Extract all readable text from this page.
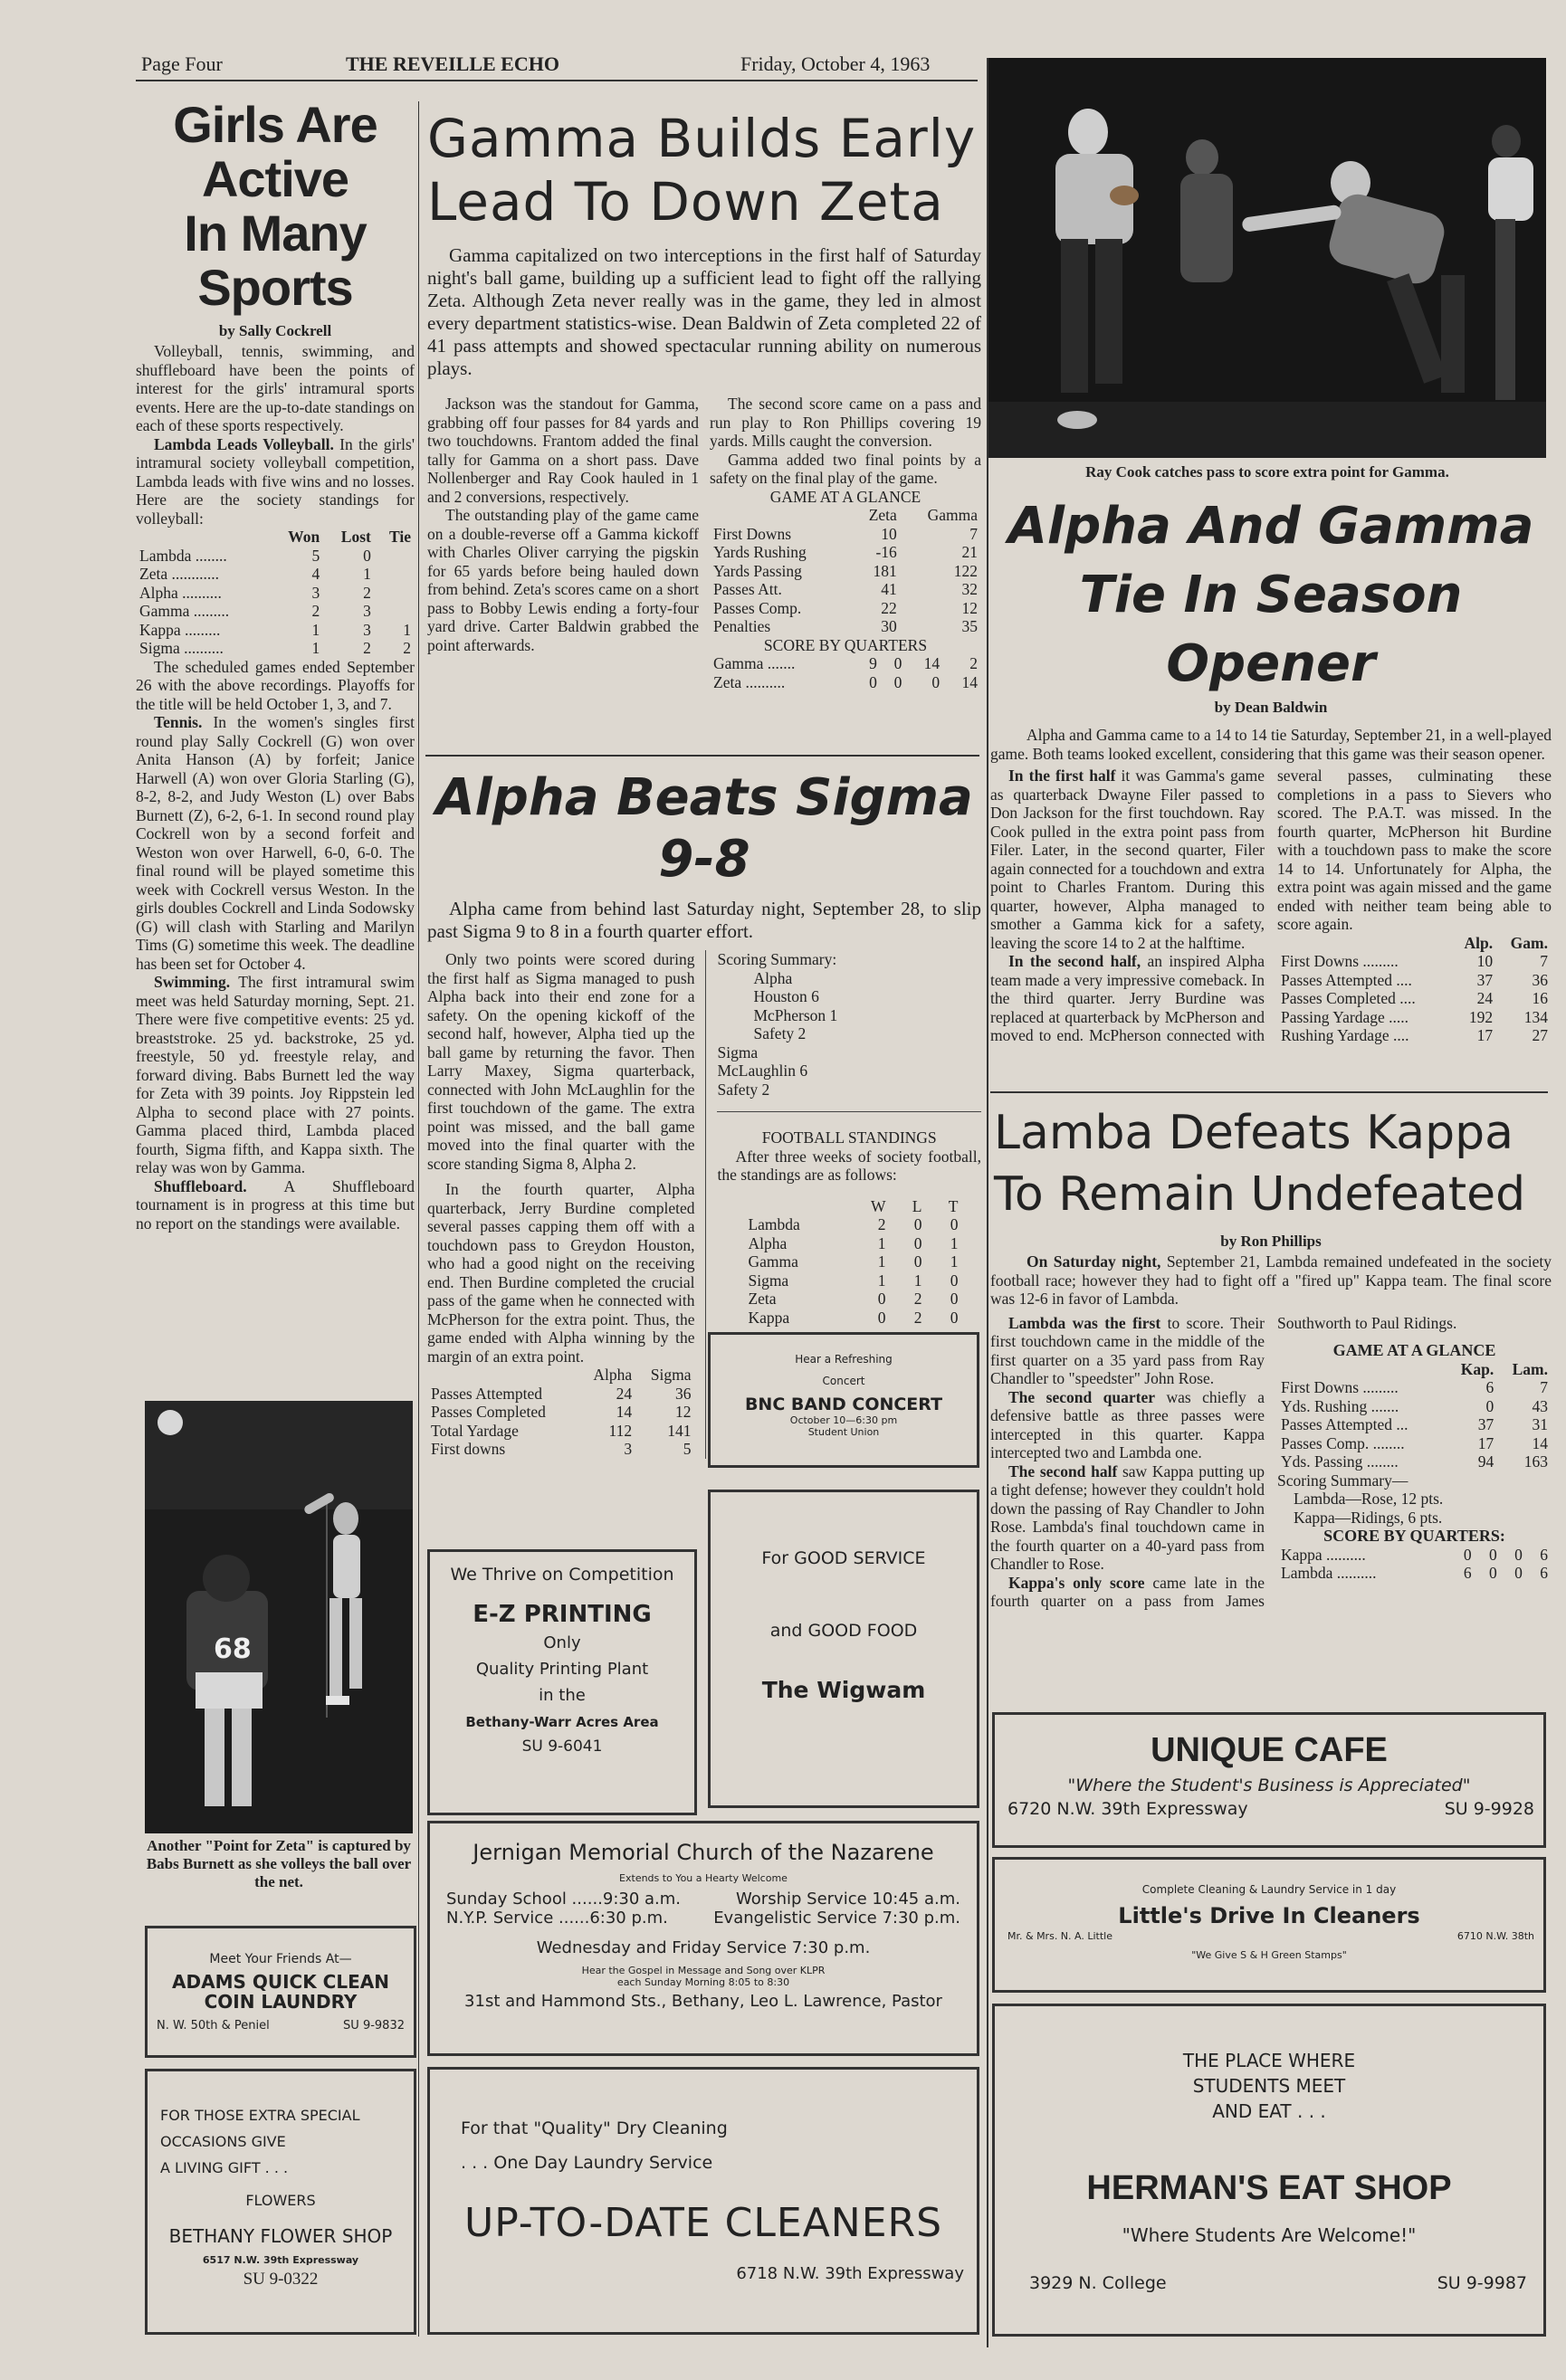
Page Four	THE REVEILLE ECHO	Friday, October 4, 1963
Girls Are Active
In Many Sports
by Sally Cockrell

Volleyball, tennis, swimming, and shuffleboard have been the points of interest for the girls' intramural sports events. Here are the up-to-date standings on each of these sports respectively.

Lambda Leads Volleyball. In the girls' intramural society volleyball competition, Lambda leads with five wins and no losses. Here are the society standings for volleyball:

	Won	Lost	Tie
Lambda ........	5	0	
Zeta ............	4	1	
Alpha ..........	3	2	
Gamma .........	2	3	
Kappa .........	1	3	1
Sigma ..........	1	2	2

The scheduled games ended September 26 with the above recordings. Playoffs for the title will be held October 1, 3, and 7.

Tennis. In the women's singles first round play Sally Cockrell (G) won over Anita Hanson (A) by forfeit; Janice Harwell (A) won over Gloria Starling (G), 8-2, 8-2, and Judy Weston (L) over Babs Burnett (Z), 6-2, 6-1. In second round play Cockrell won by a second forfeit and Weston won over Harwell, 6-0, 6-0. The final round will be played sometime this week with Cockrell versus Weston. In the girls doubles Cockrell and Linda Sodowsky (G) will clash with Starling and Marilyn Tims (G) sometime this week. The deadline has been set for October 4.

Swimming. The first intramural swim meet was held Saturday morning, Sept. 21. There were five competitive events: 25 yd. breaststroke. 25 yd. backstroke, 25 yd. freestyle, 50 yd. freestyle relay, and forward diving. Babs Burnett led the way for Zeta with 39 points. Joy Rippstein led Alpha to second place with 27 points. Gamma placed third, Lambda placed fourth, Sigma fifth, and Kappa sixth. The relay was won by Gamma.

Shuffleboard. A Shuffleboard tournament is in progress at this time but no report on the standings were available.

68
Another "Point for Zeta" is captured by Babs Burnett as she volleys the ball over the net.
Meet Your Friends At—
ADAMS QUICK CLEAN
COIN LAUNDRY
N. W. 50th & Peniel	SU 9-9832
FOR THOSE EXTRA SPECIAL
OCCASIONS GIVE
A LIVING GIFT . . .
FLOWERS
BETHANY FLOWER SHOP
6517 N.W. 39th Expressway
SU 9-0322
Gamma Builds Early
Lead To Down Zeta

Gamma capitalized on two interceptions in the first half of Saturday night's ball game, building up a sufficient lead to fight off the rallying Zeta. Although Zeta never really was in the game, they led in almost every department statistics-wise. Dean Baldwin of Zeta completed 22 of 41 pass attempts and showed spectacular running ability on numerous plays.

Jackson was the standout for Gamma, grabbing off four passes for 84 yards and two touchdowns. Frantom added the final tally for Gamma on a short pass. Dave Nollenberger and Ray Cook hauled in 1 and 2 conversions, respectively.

The outstanding play of the game came on a double-reverse off a Gamma kickoff with Charles Oliver carrying the pigskin for 65 yards before being hauled down from behind. Zeta's scores came on a short pass to Bobby Lewis ending a forty-four yard drive. Carter Baldwin grabbed the point afterwards.

The second score came on a pass and run play to Ron Phillips covering 19 yards. Mills caught the conversion.

Gamma added two final points by a safety on the final play of the game.

GAME AT A GLANCE
	Zeta	Gamma
First Downs	10	7
Yards Rushing	-16	21
Yards Passing	181	122
Passes Att.	41	32
Passes Comp.	22	12
Penalties	30	35
SCORE BY QUARTERS
Gamma .......	9	0	14	2
Zeta ..........	0	0	0	14
Alpha Beats Sigma 9-8

Alpha came from behind last Saturday night, September 28, to slip past Sigma 9 to 8 in a fourth quarter effort.

Only two points were scored during the first half as Sigma managed to push Alpha back into their end zone for a safety. On the opening kickoff of the second half, however, Alpha tied up the ball game by returning the favor. Then Larry Maxey, Sigma quarterback, connected with John McLaughlin for the first touchdown of the game. The extra point was missed, and the ball game moved into the final quarter with the score standing Sigma 8, Alpha 2.

In the fourth quarter, Alpha quarterback, Jerry Burdine completed several passes capping them off with a touchdown pass to Greydon Houston, who had a good night on the receiving end. Then Burdine completed the crucial pass of the game when he connected with McPherson for the extra point. Thus, the game ended with Alpha winning by the margin of an extra point.

	Alpha	Sigma
Passes Attempted	24	36
Passes Completed	14	12
Total Yardage	112	141
First downs	3	5
Scoring Summary:
Alpha
Houston 6
McPherson 1
Safety 2
Sigma
McLaughlin 6
Safety 2
FOOTBALL STANDINGS

After three weeks of society football, the standings are as follows:

	W	L	T
Lambda	2	0	0
Alpha	1	0	1
Gamma	1	0	1
Sigma	1	1	0
Zeta	0	2	0
Kappa	0	2	0
Hear a Refreshing
Concert
BNC BAND CONCERT
October 10—6:30 pm
Student Union
We Thrive on Competition
E-Z PRINTING
Only
Quality Printing Plant
in the
Bethany-Warr Acres Area
SU 9-6041
For GOOD SERVICE
and GOOD FOOD
The Wigwam
Jernigan Memorial Church of the Nazarene
Extends to You a Hearty Welcome
Sunday School ......9:30 a.m.	Worship Service 10:45 a.m.
N.Y.P. Service ......6:30 p.m.	Evangelistic Service 7:30 p.m.
Wednesday and Friday Service 7:30 p.m.
Hear the Gospel in Message and Song over KLPR
each Sunday Morning 8:05 to 8:30
31st and Hammond Sts., Bethany, Leo L. Lawrence, Pastor
For that "Quality" Dry Cleaning
. . . One Day Laundry Service
UP-TO-DATE CLEANERS
6718 N.W. 39th Expressway
Ray Cook catches pass to score extra point for Gamma.
Alpha And Gamma
Tie In Season Opener
by Dean Baldwin

Alpha and Gamma came to a 14 to 14 tie Saturday, September 21, in a well-played game. Both teams looked excellent, considering that this game was their season opener.

In the first half it was Gamma's game as quarterback Dwayne Filer passed to Don Jackson for the first touchdown. Ray Cook pulled in the extra point pass from Filer. Later, in the second quarter, Filer again connected for a touchdown and extra point to Charles Frantom. During this quarter, however, Alpha managed to smother a Gamma kick for a safety, leaving the score 14 to 2 at the halftime.

In the second half, an inspired Alpha team made a very impressive comeback. In the third quarter. Jerry Burdine was replaced at quarterback by McPherson and moved to end. McPherson connected with several passes, culminating these completions in a pass to Sievers who scored. The P.A.T. was missed. In the fourth quarter, McPherson hit Burdine with a touchdown pass to make the score 14 to 14. Unfortunately for Alpha, the extra point was again missed and the game ended with neither team being able to score again.

	Alp.	Gam.
First Downs .........	10	7
Passes Attempted ....	37	36
Passes Completed ....	24	16
Passing Yardage .....	192	134
Rushing Yardage ....	17	27
Lamba Defeats Kappa
To Remain Undefeated
by Ron Phillips

On Saturday night, September 21, Lambda remained undefeated in the society football race; however they had to fight off a "fired up" Kappa team. The final score was 12-6 in favor of Lambda.

Lambda was the first to score. Their first touchdown came in the middle of the first quarter on a 35 yard pass from Ray Chandler to "speedster" John Rose.

The second quarter was chiefly a defensive battle as three passes were intercepted in this quarter. Kappa intercepted two and Lambda one.

The second half saw Kappa putting up a tight defense; however they couldn't hold down the passing of Ray Chandler to John Rose. Lambda's final touchdown came in the fourth quarter on a 40-yard pass from Chandler to Rose.

Kappa's only score came late in the fourth quarter on a pass from James Southworth to Paul Ridings.

GAME AT A GLANCE
	Kap.	Lam.
First Downs .........	6	7
Yds. Rushing .......	0	43
Passes Attempted ...	37	31
Passes Comp. ........	17	14
Yds. Passing ........	94	163
Scoring Summary—
Lambda—Rose, 12 pts.
Kappa—Ridings, 6 pts.
SCORE BY QUARTERS:
Kappa ..........	0	0	0	6
Lambda ..........	6	0	0	6
UNIQUE CAFE
"Where the Student's Business is Appreciated"
6720 N.W. 39th Expressway	SU 9-9928
Complete Cleaning & Laundry Service in 1 day
Little's Drive In Cleaners
Mr. & Mrs. N. A. Little	6710 N.W. 38th
"We Give S & H Green Stamps"
THE PLACE WHERE
STUDENTS MEET
AND EAT . . .
HERMAN'S EAT SHOP
"Where Students Are Welcome!"
3929 N. College	SU 9-9987
